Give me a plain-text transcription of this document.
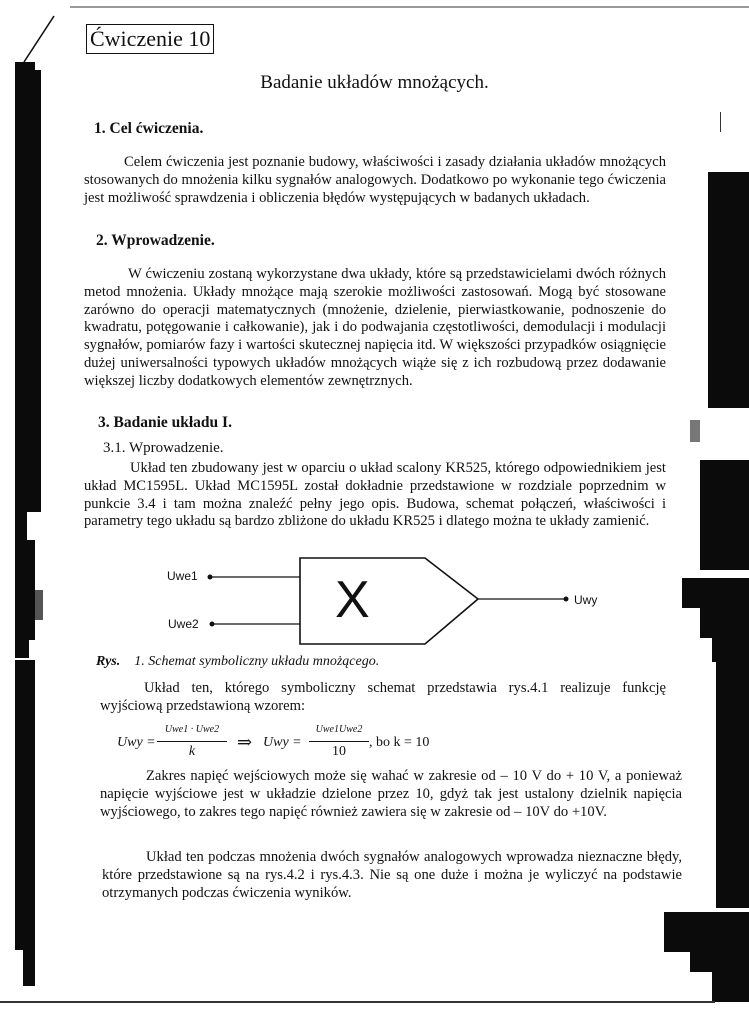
Ćwiczenie 10
Badanie układów mnożących.
1. Cel ćwiczenia.

Celem ćwiczenia jest poznanie budowy, właściwości i zasady działania układów mnożących stosowanych do mnożenia kilku sygnałów analogowych. Dodatkowo po wykonanie tego ćwiczenia jest możliwość sprawdzenia i obliczenia błędów występujących w badanych układach.

2. Wprowadzenie.

W ćwiczeniu zostaną wykorzystane dwa układy, które są przedstawicielami dwóch różnych metod mnożenia. Układy mnożące mają szerokie możliwości zastosowań. Mogą być stosowane zarówno do operacji matematycznych (mnożenie, dzielenie, pierwiastkowanie, podnoszenie do kwadratu, potęgowanie i całkowanie), jak i do podwajania częstotliwości, demodulacji i modulacji sygnałów, pomiarów fazy i wartości skutecznej napięcia itd. W większości przypadków osiągnięcie dużej uniwersalności typowych układów mnożących wiąże się z ich rozbudową przez dodawanie większej liczby dodatkowych elementów zewnętrznych.

3. Badanie układu I.
3.1. Wprowadzenie.

Układ ten zbudowany jest w oparciu o układ scalony KR525, którego odpowiednikiem jest układ MC1595L. Układ MC1595L został dokładnie przedstawione w rozdziale poprzednim w punkcie 3.4 i tam można znaleźć pełny jego opis. Budowa, schemat połączeń, właściwości i parametry tego układu są bardzo zbliżone do układu KR525 i dlatego można te układy zamienić.

Uwe1
Uwe2	X	Uwy
Rys. 1. Schemat symboliczny układu mnożącego.

Układ ten, którego symboliczny schemat przedstawia rys.4.1 realizuje funkcję wyjściową przedstawioną wzorem:

Uwy =
Uwe1 · Uwe2
k	⇒ Uwy =
Uwe1Uwe2
10
, bo k = 10

Zakres napięć wejściowych może się wahać w zakresie od – 10 V do + 10 V, a ponieważ napięcie wyjściowe jest w układzie dzielone przez 10, gdyż tak jest ustalony dzielnik napięcia wyjściowego, to zakres tego napięć również zawiera się w zakresie od – 10V do +10V.

Układ ten podczas mnożenia dwóch sygnałów analogowych wprowadza nieznaczne błędy, które przedstawione są na rys.4.2 i rys.4.3. Nie są one duże i można je wyliczyć na podstawie otrzymanych podczas ćwiczenia wyników.
